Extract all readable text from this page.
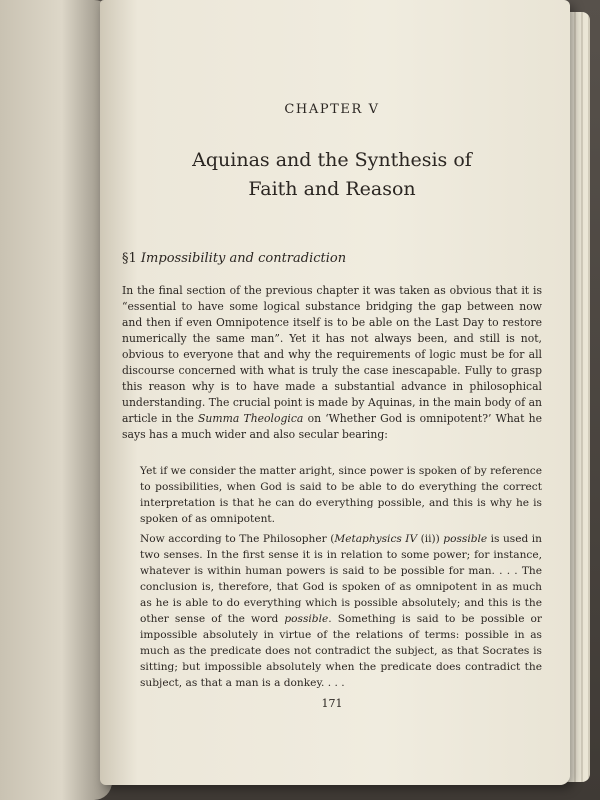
CHAPTER V
Aquinas and the Synthesis of
Faith and Reason
§1 Impossibility and contradiction

In the final section of the previous chapter it was taken as obvious that it is “essential to have some logical substance bridging the gap between now and then if even Omnipotence itself is to be able on the Last Day to restore numerically the same man”. Yet it has not always been, and still is not, obvious to everyone that and why the requirements of logic must be for all discourse concerned with what is truly the case inescapable. Fully to grasp this reason why is to have made a substantial advance in philosophical understanding. The crucial point is made by Aquinas, in the main body of an article in the Summa Theologica on ‘Whether God is omnipotent?’ What he says has a much wider and also secular bearing:

Yet if we consider the matter aright, since power is spoken of by reference to possibilities, when God is said to be able to do everything the correct interpretation is that he can do everything possible, and this is why he is spoken of as omnipotent.

Now according to The Philosopher (Metaphysics IV (ii)) possible is used in two senses. In the first sense it is in relation to some power; for instance, whatever is within human powers is said to be possible for man. . . . The conclusion is, therefore, that God is spoken of as omnipotent in as much as he is able to do everything which is possible absolutely; and this is the other sense of the word possible. Something is said to be possible or impossible absolutely in virtue of the relations of terms: possible in as much as the predicate does not contradict the subject, as that Socrates is sitting; but impossible absolutely when the predicate does contradict the subject, as that a man is a donkey. . . .

171
